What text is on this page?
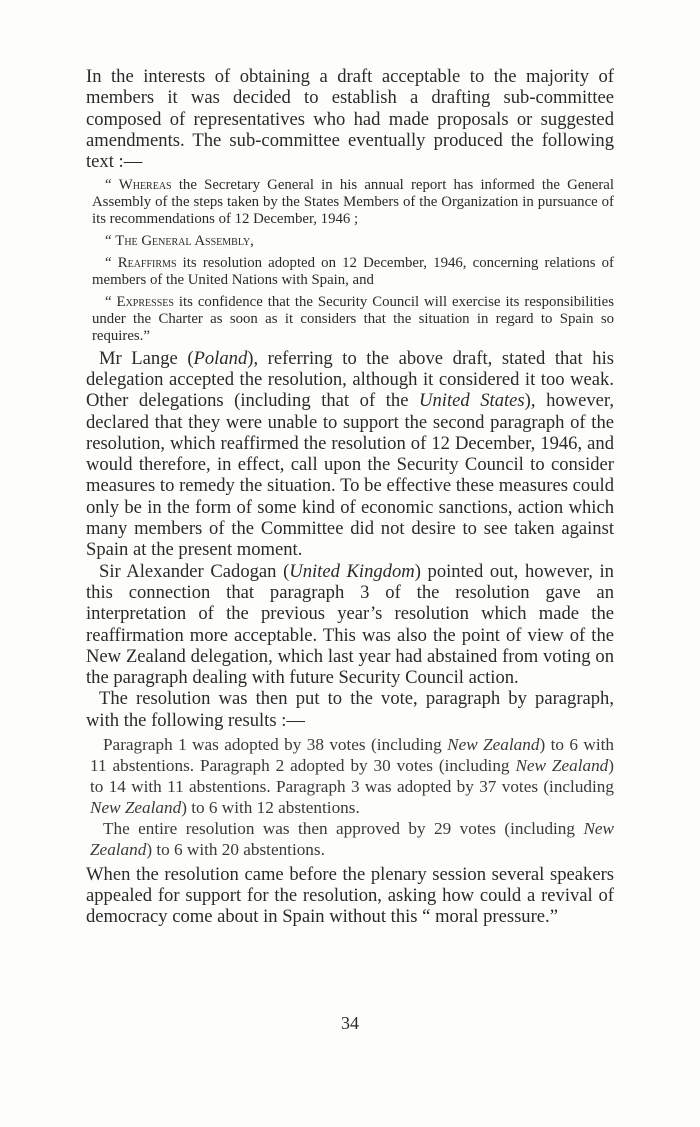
In the interests of obtaining a draft acceptable to the majority of members it was decided to establish a drafting sub-committee composed of representatives who had made proposals or suggested amendments. The sub-committee eventually produced the following text :—

“ Whereas the Secretary General in his annual report has informed the General Assembly of the steps taken by the States Members of the Organization in pursuance of its recommendations of 12 December, 1946 ;

“ The General Assembly,

“ Reaffirms its resolution adopted on 12 December, 1946, concerning relations of members of the United Nations with Spain, and

“ Expresses its confidence that the Security Council will exercise its responsibilities under the Charter as soon as it considers that the situation in regard to Spain so requires.”

Mr Lange (Poland), referring to the above draft, stated that his delegation accepted the resolution, although it considered it too weak. Other delegations (including that of the United States), however, declared that they were unable to support the second paragraph of the resolution, which reaffirmed the resolution of 12 December, 1946, and would therefore, in effect, call upon the Security Council to consider measures to remedy the situation. To be effective these measures could only be in the form of some kind of economic sanctions, action which many members of the Committee did not desire to see taken against Spain at the present moment.

Sir Alexander Cadogan (United Kingdom) pointed out, however, in this connection that paragraph 3 of the resolution gave an interpretation of the previous year’s resolution which made the reaffirmation more acceptable. This was also the point of view of the New Zealand delegation, which last year had abstained from voting on the paragraph dealing with future Security Council action.

The resolution was then put to the vote, paragraph by paragraph, with the following results :—

Paragraph 1 was adopted by 38 votes (including New Zealand) to 6 with 11 abstentions. Paragraph 2 adopted by 30 votes (including New Zealand) to 14 with 11 abstentions. Paragraph 3 was adopted by 37 votes (including New Zealand) to 6 with 12 abstentions.

The entire resolution was then approved by 29 votes (including New Zealand) to 6 with 20 abstentions.

When the resolution came before the plenary session several speakers appealed for support for the resolution, asking how could a revival of democracy come about in Spain without this “ moral pressure.”

34
